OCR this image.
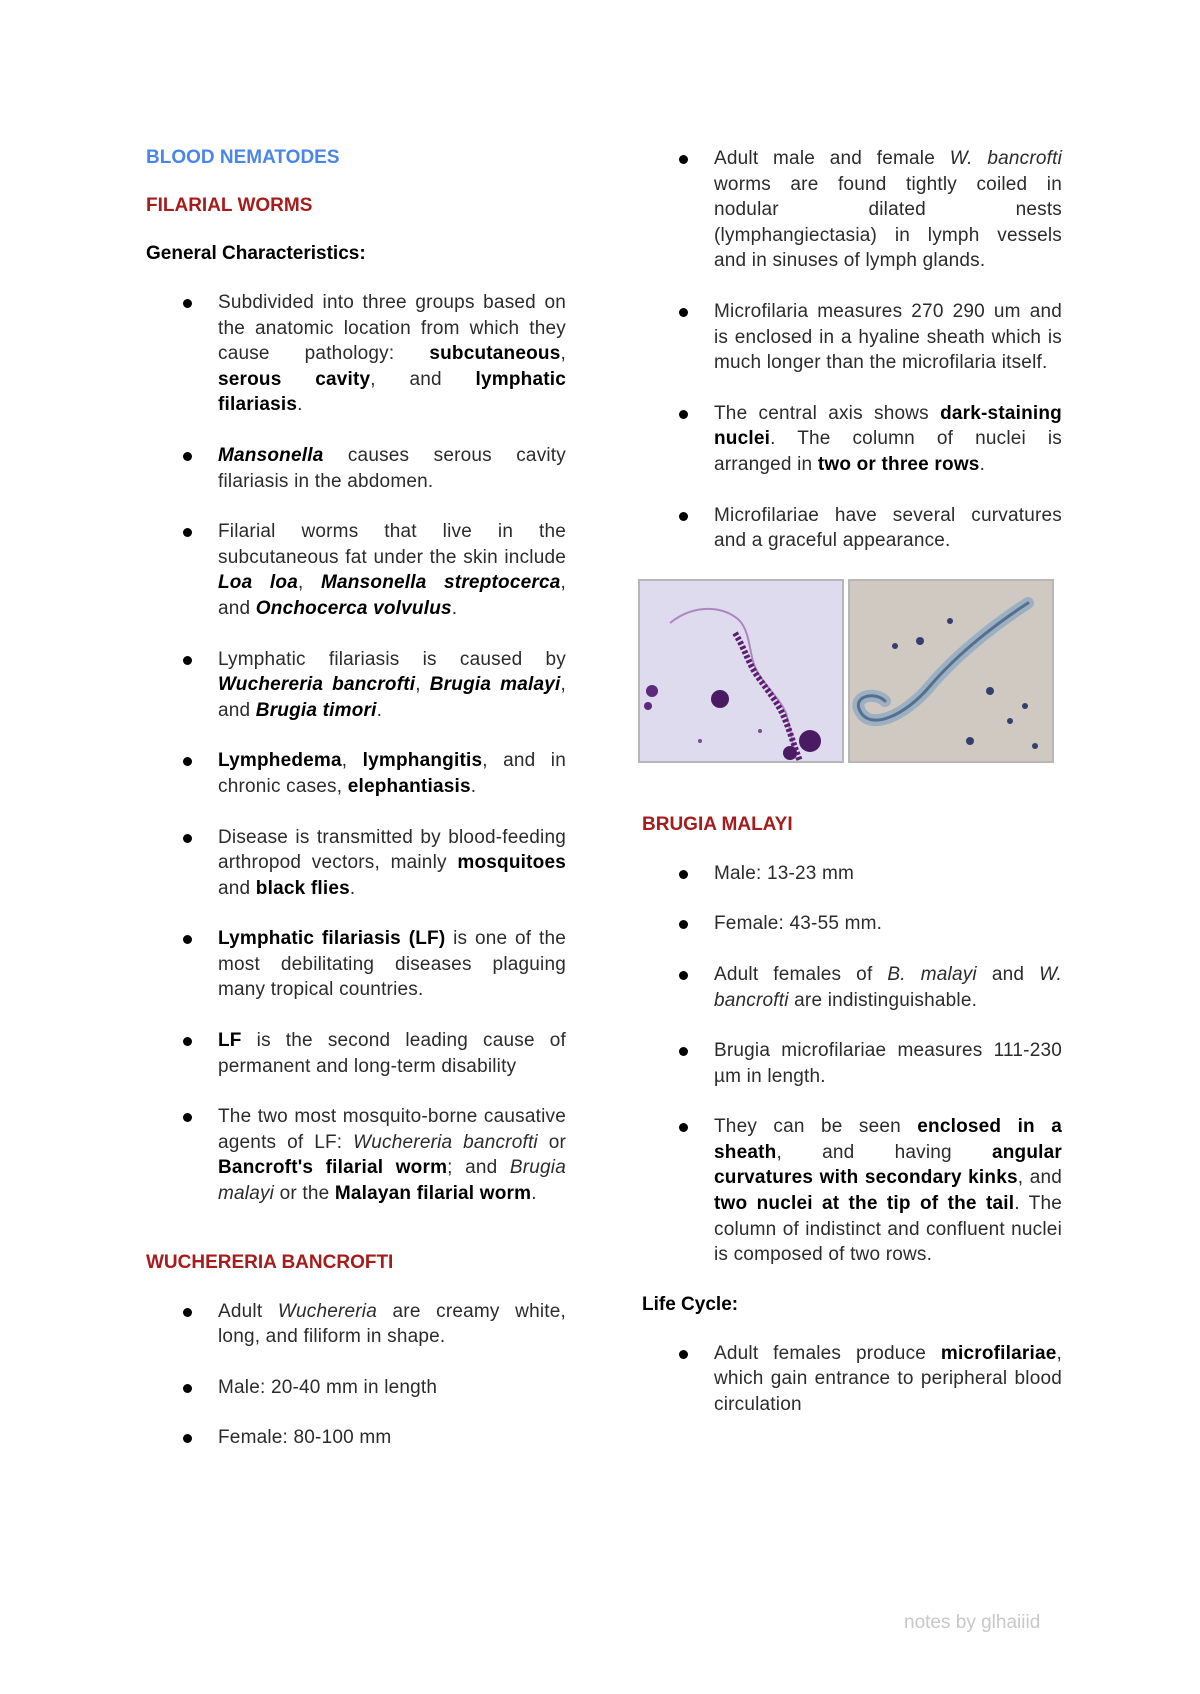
BLOOD NEMATODES
FILARIAL WORMS
General Characteristics:
Subdivided into three groups based on the anatomic location from which they cause pathology: subcutaneous, serous cavity, and lymphatic filariasis.
Mansonella causes serous cavity filariasis in the abdomen.
Filarial worms that live in the subcutaneous fat under the skin include Loa loa, Mansonella streptocerca, and Onchocerca volvulus.
Lymphatic filariasis is caused by Wuchereria bancrofti, Brugia malayi, and Brugia timori.
Lymphedema, lymphangitis, and in chronic cases, elephantiasis.
Disease is transmitted by blood-feeding arthropod vectors, mainly mosquitoes and black flies.
Lymphatic filariasis (LF) is one of the most debilitating diseases plaguing many tropical countries.
LF is the second leading cause of permanent and long-term disability
The two most mosquito-borne causative agents of LF: Wuchereria bancrofti or Bancroft's filarial worm; and Brugia malayi or the Malayan filarial worm.
WUCHERERIA BANCROFTI
Adult Wuchereria are creamy white, long, and filiform in shape.
Male: 20-40 mm in length
Female: 80-100 mm
Adult male and female W. bancrofti worms are found tightly coiled in nodular dilated nests (lymphangiectasia) in lymph vessels and in sinuses of lymph glands.
Microfilaria measures 270 290 um and is enclosed in a hyaline sheath which is much longer than the microfilaria itself.
The central axis shows dark-staining nuclei. The column of nuclei is arranged in two or three rows.
Microfilariae have several curvatures and a graceful appearance.
BRUGIA MALAYI
Male: 13-23 mm
Female: 43-55 mm.
Adult females of B. malayi and W. bancrofti are indistinguishable.
Brugia microfilariae measures 111-230 µm in length.
They can be seen enclosed in a sheath, and having angular curvatures with secondary kinks, and two nuclei at the tip of the tail. The column of indistinct and confluent nuclei is composed of two rows.
Life Cycle:
Adult females produce microfilariae, which gain entrance to peripheral blood circulation
notes by glhaiiid
